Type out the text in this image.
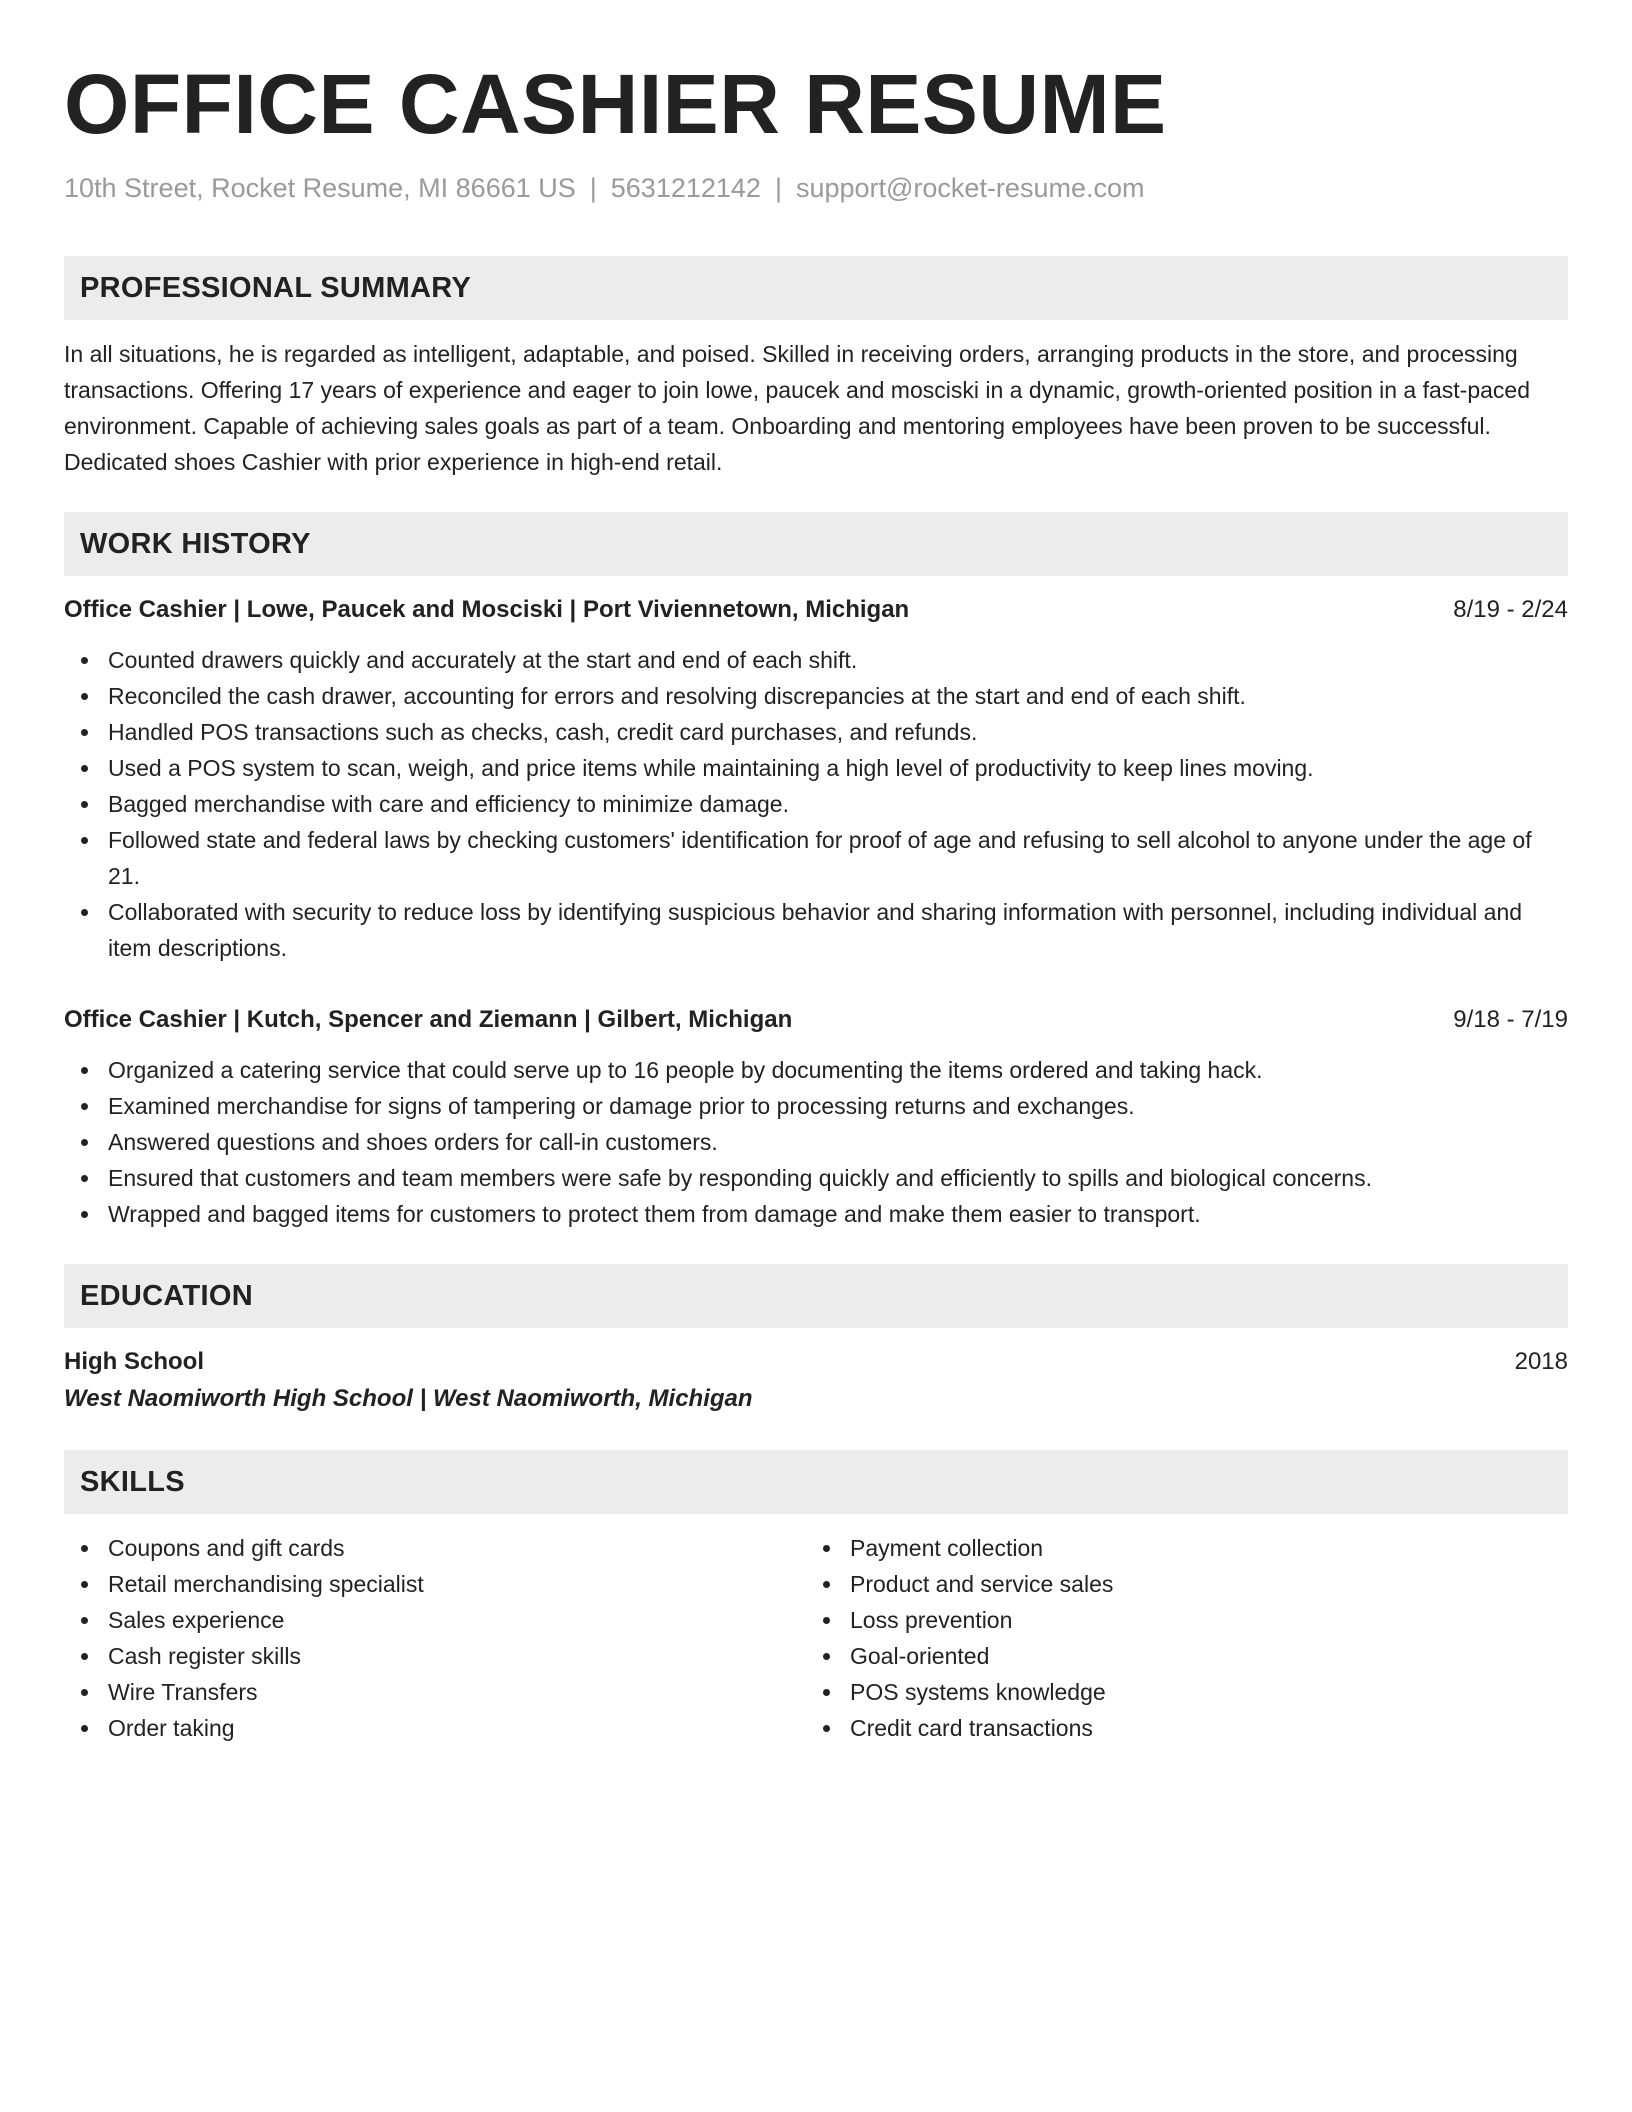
OFFICE CASHIER RESUME
10th Street, Rocket Resume, MI 86661 US | 5631212142 | support@rocket-resume.com
PROFESSIONAL SUMMARY
In all situations, he is regarded as intelligent, adaptable, and poised. Skilled in receiving orders, arranging products in the store, and processing transactions. Offering 17 years of experience and eager to join lowe, paucek and mosciski in a dynamic, growth-oriented position in a fast-paced environment. Capable of achieving sales goals as part of a team. Onboarding and mentoring employees have been proven to be successful. Dedicated shoes Cashier with prior experience in high-end retail.
WORK HISTORY
Office Cashier | Lowe, Paucek and Mosciski | Port Viviennetown, Michigan	8/19 - 2/24
Counted drawers quickly and accurately at the start and end of each shift.
Reconciled the cash drawer, accounting for errors and resolving discrepancies at the start and end of each shift.
Handled POS transactions such as checks, cash, credit card purchases, and refunds.
Used a POS system to scan, weigh, and price items while maintaining a high level of productivity to keep lines moving.
Bagged merchandise with care and efficiency to minimize damage.
Followed state and federal laws by checking customers' identification for proof of age and refusing to sell alcohol to anyone under the age of 21.
Collaborated with security to reduce loss by identifying suspicious behavior and sharing information with personnel, including individual and item descriptions.
Office Cashier | Kutch, Spencer and Ziemann | Gilbert, Michigan	9/18 - 7/19
Organized a catering service that could serve up to 16 people by documenting the items ordered and taking hack.
Examined merchandise for signs of tampering or damage prior to processing returns and exchanges.
Answered questions and shoes orders for call-in customers.
Ensured that customers and team members were safe by responding quickly and efficiently to spills and biological concerns.
Wrapped and bagged items for customers to protect them from damage and make them easier to transport.
EDUCATION
High School	2018
West Naomiworth High School | West Naomiworth, Michigan
SKILLS
Coupons and gift cards
Retail merchandising specialist
Sales experience
Cash register skills
Wire Transfers
Order taking
Payment collection
Product and service sales
Loss prevention
Goal-oriented
POS systems knowledge
Credit card transactions
